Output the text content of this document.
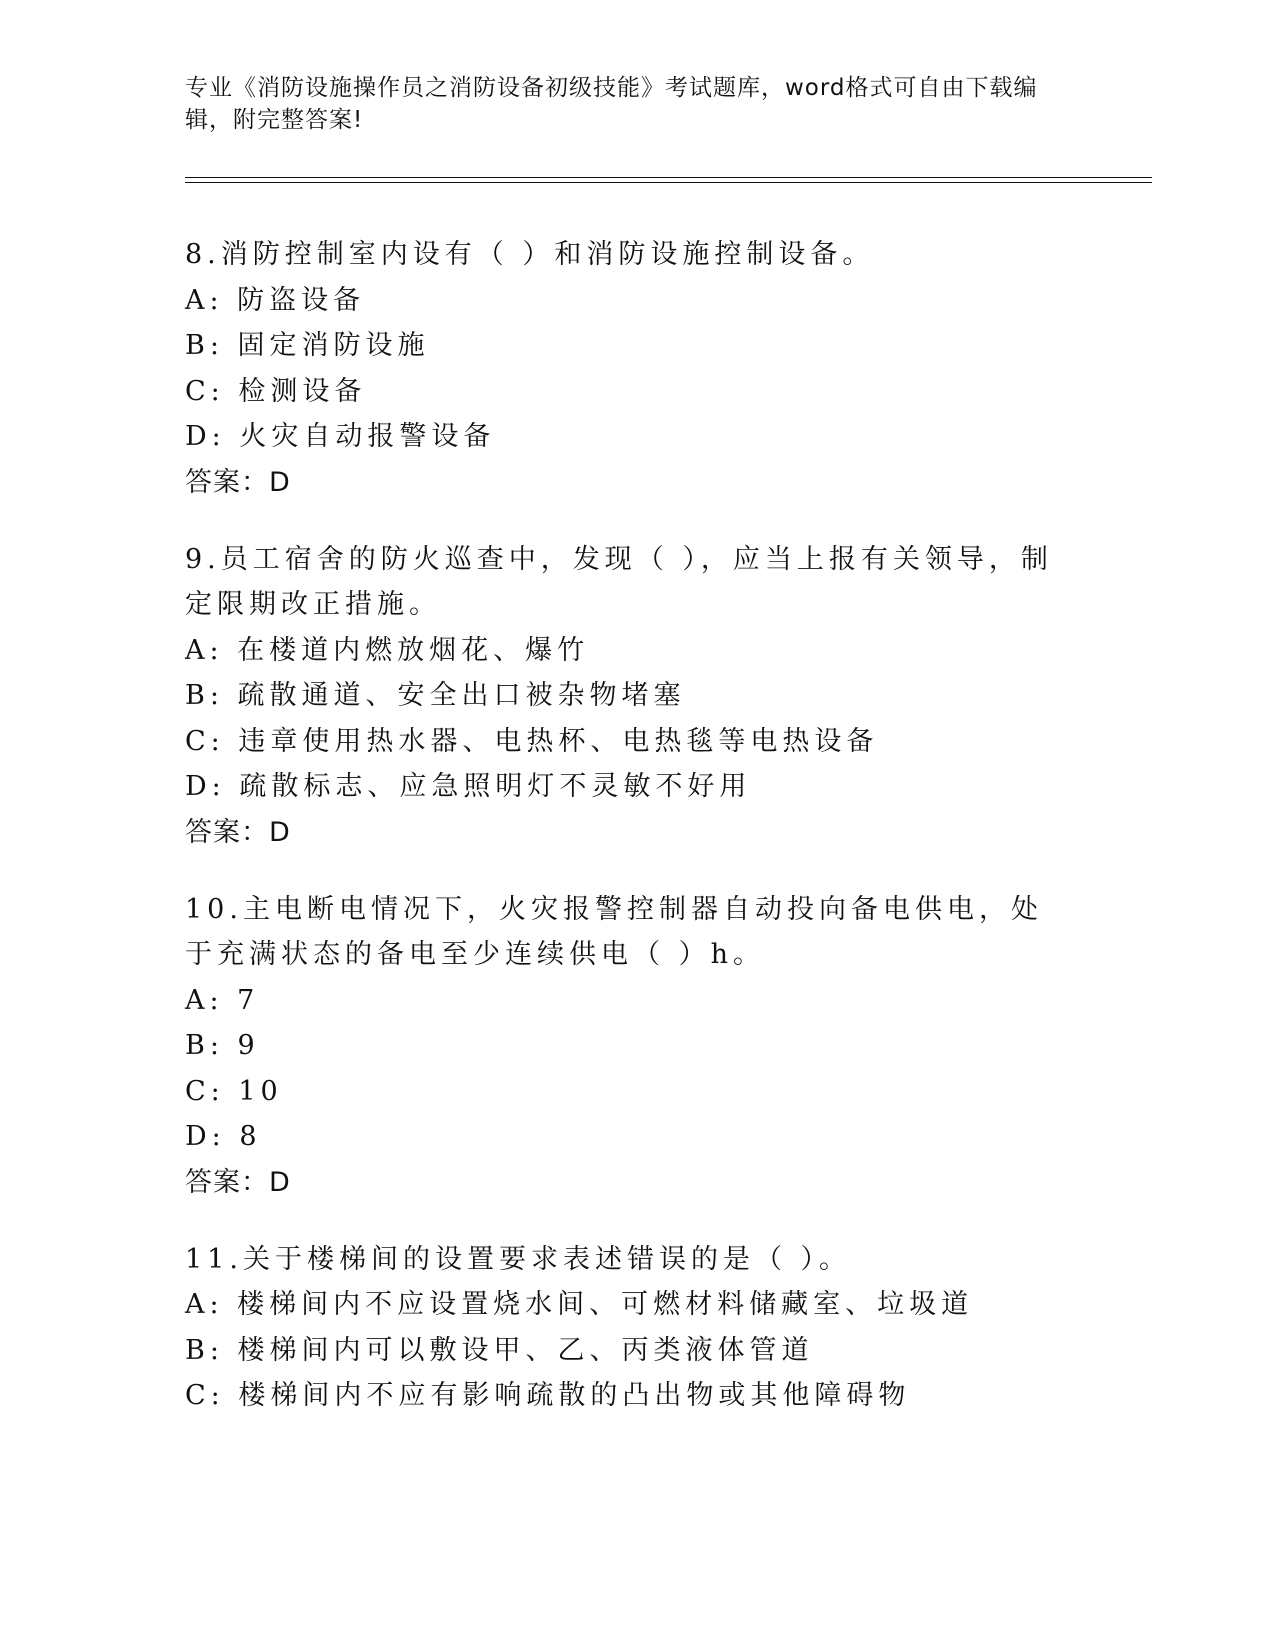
专业《消防设施操作员之消防设备初级技能》考试题库，word格式可自由下载编辑，附完整答案!
8.消防控制室内设有（ ）和消防设施控制设备。
A: 防盗设备
B: 固定消防设施
C: 检测设备
D: 火灾自动报警设备
答案：D
9.员工宿舍的防火巡查中，发现（ ），应当上报有关领导，制定限期改正措施。
A: 在楼道内燃放烟花、爆竹
B: 疏散通道、安全出口被杂物堵塞
C: 违章使用热水器、电热杯、电热毯等电热设备
D: 疏散标志、应急照明灯不灵敏不好用
答案：D
10.主电断电情况下，火灾报警控制器自动投向备电供电，处于充满状态的备电至少连续供电（ ）h。
A: 7
B: 9
C: 10
D: 8
答案：D
11.关于楼梯间的设置要求表述错误的是（ ）。
A: 楼梯间内不应设置烧水间、可燃材料储藏室、垃圾道
B: 楼梯间内可以敷设甲、乙、丙类液体管道
C: 楼梯间内不应有影响疏散的凸出物或其他障碍物
